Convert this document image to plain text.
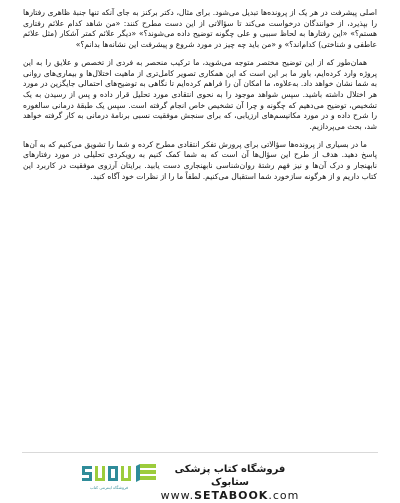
اصلی پیشرفت در هر یک از پرونده‌ها تبدیل می‌شود. برای مثال، دکتر برکنز به جای آنکه تنها جنبهٔ ظاهری رفتارها را بپذیرد، از خوانندگان درخواست می‌کند تا سؤالاتی از این دست مطرح کنند: «من شاهد کدام علائم رفتاری هستم؟» «این رفتارها به لحاظ سببی و علی چگونه توضیح داده می‌شوند؟» «دیگر علائم کمتر آشکار (مثل علائم عاطفی و شناختی) کدام‌اند؟» و «من باید چه چیز در مورد شروع و پیشرفت این نشانه‌ها بدانم؟»

همان‌طور که از این توضیح مختصر متوجه می‌شوید، ما ترکیب منحصر به فردی از تخصص و علایق را به این پروژه وارد کرده‌ایم، باور ما بر این است که این همکاری تصویر کامل‌تری از ماهیت اختلال‌ها و بیماری‌های روانی به شما نشان خواهد داد. به‌علاوه، ما امکان آن را فراهم کرده‌ایم تا نگاهی به توضیح‌های احتمالی جایگزین در مورد هر اختلال داشته باشید. سپس شواهد موجود را به نحوی انتقادی مورد تحلیل قرار داده و پس از رسیدن به یک تشخیص، توضیح می‌دهیم که چگونه و چرا آن تشخیص خاص انجام گرفته است. سپس یک طبقهٔ درمانی سالغوره را شرح داده و در مورد مکانیسم‌های ارزیابی، که برای سنجش موفقیت نسبی برنامهٔ درمانی به کار گرفته خواهد شد، بحث می‌پردازیم.

ما در بسیاری از پرونده‌ها سؤالاتی برای پرورش تفکر انتقادی مطرح کرده و شما را تشویق می‌کنیم که به آن‌ها پاسخ دهید. هدف از طرح این سؤال‌ها آن است که به شما کمک کنیم به رویکردی تحلیلی در مورد رفتارهای نابهنجار و درک آن‌ها و نیز فهم رشتهٔ روان‌شناسی نابهنجاری دست یابید. برایتان آرزوی موفقیت در کاربرد این کتاب داریم و از هرگونه سازخورد شما استقبال می‌کنیم. لطفاً ما را از نظرات خود آگاه کنید.

فروشگاه اینترنتی کتاب
فروشگاه کتاب پزشکی ستابوک
www.SETABOOK.com
